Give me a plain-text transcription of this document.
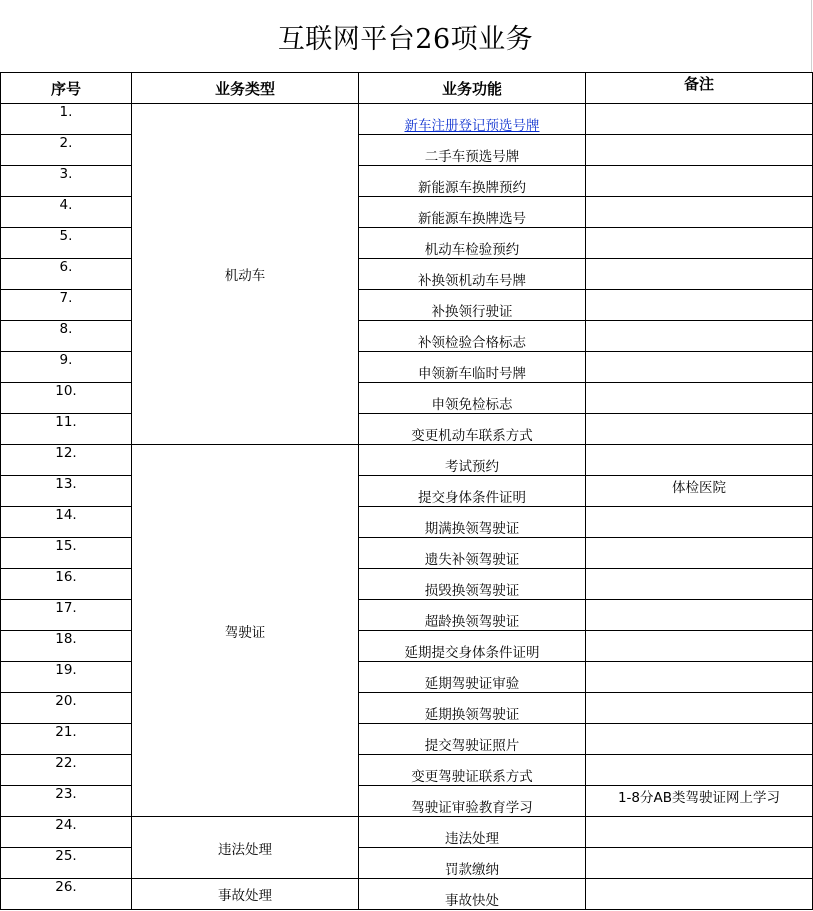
互联网平台26项业务
序号	业务类型	业务功能	备注
1.	机动车	新车注册登记预选号牌	
2.		二手车预选号牌	
3.		新能源车换牌预约	
4.		新能源车换牌选号	
5.		机动车检验预约	
6.		补换领机动车号牌	
7.		补换领行驶证	
8.		补领检验合格标志	
9.		申领新车临时号牌	
10.		申领免检标志	
11.		变更机动车联系方式	
12.	驾驶证	考试预约	
13.		提交身体条件证明	体检医院
14.		期满换领驾驶证	
15.		遗失补领驾驶证	
16.		损毁换领驾驶证	
17.		超龄换领驾驶证	
18.		延期提交身体条件证明	
19.		延期驾驶证审验	
20.		延期换领驾驶证	
21.		提交驾驶证照片	
22.		变更驾驶证联系方式	
23.		驾驶证审验教育学习	1-8分AB类驾驶证网上学习
24.	违法处理	违法处理	
25.		罚款缴纳	
26.	事故处理	事故快处	
